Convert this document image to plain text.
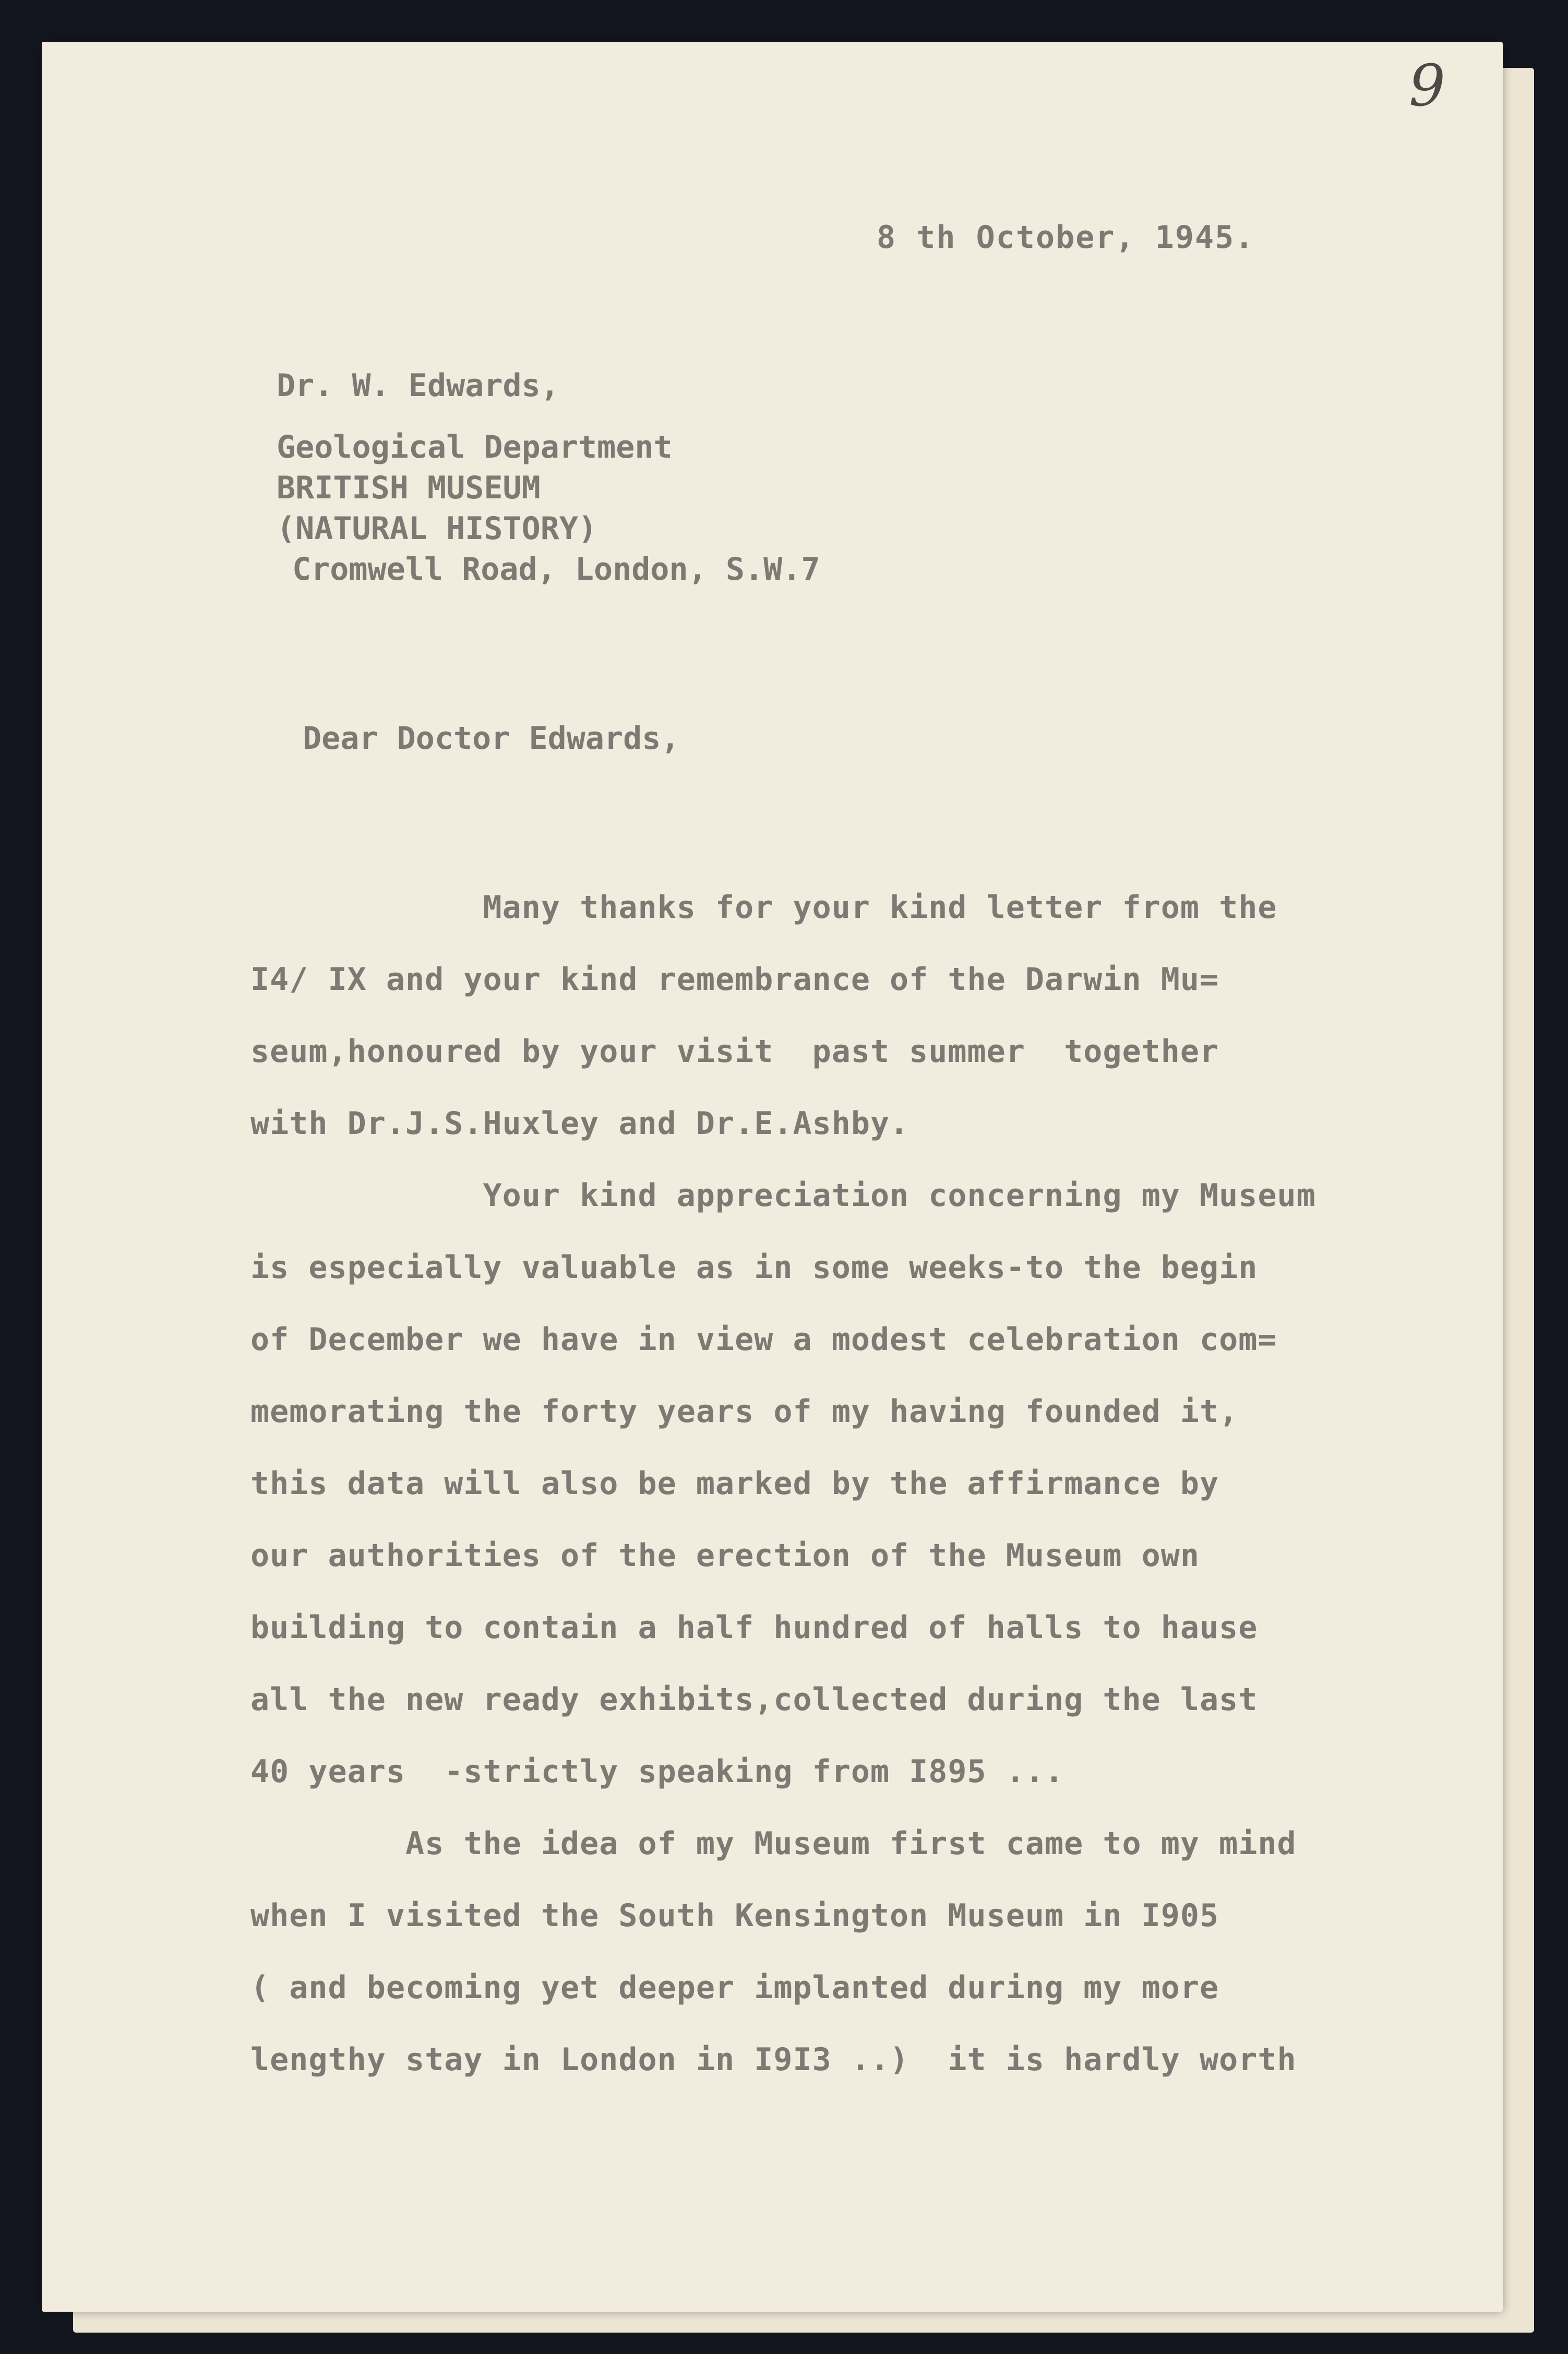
9
8 th October, 1945.
Dr. W. Edwards,
Geological Department
BRITISH MUSEUM
(NATURAL HISTORY)
Cromwell Road, London, S.W.7
Dear Doctor Edwards,
Many thanks for your kind letter from the
I4/ IX and your kind remembrance of the Darwin Mu=
seum,honoured by your visit  past summer  together
with Dr.J.S.Huxley and Dr.E.Ashby.
Your kind appreciation concerning my Museum
is especially valuable as in some weeks-to the begin
of December we have in view a modest celebration com=
memorating the forty years of my having founded it,
this data will also be marked by the affirmance by
our authorities of the erection of the Museum own
building to contain a half hundred of halls to hause
all the new ready exhibits,collected during the last
40 years  -strictly speaking from I895 ...
As the idea of my Museum first came to my mind
when I visited the South Kensington Museum in I905
( and becoming yet deeper implanted during my more
lengthy stay in London in I9I3 ..)  it is hardly worth
